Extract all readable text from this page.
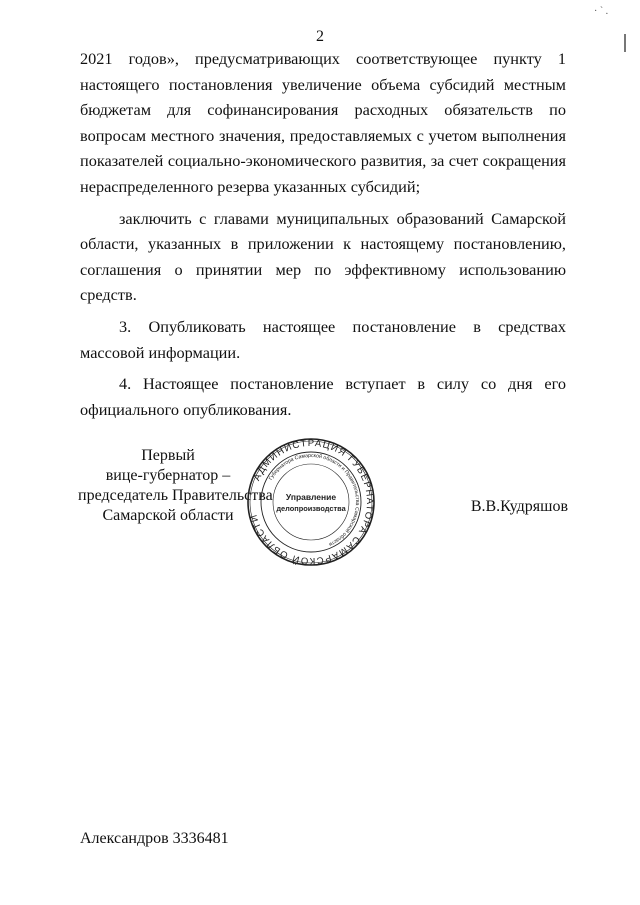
2
· ` .

2021 годов», предусматривающих соответствующее пункту 1 настоящего постановления увеличение объема субсидий местным бюджетам для софинансирования расходных обязательств по вопросам местного значения, предоставляемых с учетом выполнения показателей социально-экономического развития, за счет сокращения нераспределенного резерва указанных субсидий;

заключить с главами муниципальных образований Самарской области, указанных в приложении к настоящему постановлению, соглашения о принятии мер по эффективному использованию средств.

3. Опубликовать настоящее постановление в средствах массовой информации.

4. Настоящее постановление вступает в силу со дня его официального опубликования.

Первый
вице-губернатор –
председатель Правительства
Самарской области
АДМИНИСТРАЦИЯ ГУБЕРНАТОРА САМАРСКОЙ ОБЛАСТИ
Губернатора Самарской области и Правительства Самарской области
Управление
делопроизводства	В.В.Кудряшов
Александров 3336481
